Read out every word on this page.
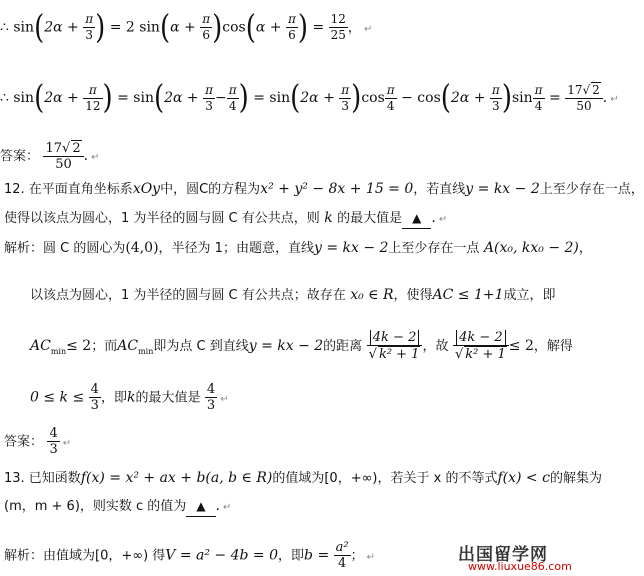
∴ $\sin(2\alpha + \frac{\pi}{3}$ ) = 2 $\sin(\alpha + \frac{\pi}{6} )\cos(\alpha + \frac{\pi}{6}$ ) = $\frac{12}{25}$ ， ↵
∴ $\sin(2\alpha + \frac{\pi}{12}$ ) = $\sin(2\alpha + \frac{\pi}{3} - \frac{\pi}{4}$ ) = $\sin(2\alpha + \frac{\pi}{3} )\cos \frac{\pi}{4} - \cos(2\alpha + \frac{\pi}{3} )\sin \frac{\pi}{4} = \frac{17√ 2}{50}$ . ↵
答案： $\frac{17√ 2}{50}$ . ↵
12. 在平面直角坐标系xOy中，圆C的方程为x² + y² − 8x + 15 = 0，若直线y = kx − 2上至少存在一点，
使得以该点为圆心，1 为半径的圆与圆 C 有公共点，则 k 的最大值是 ▲ . ↵
解析：圆 C 的圆心为(4,0)，半径为 1；由题意，直线y = kx − 2上至少存在一点 A(x₀, kx₀ − 2)，
以该点为圆心，1 为半径的圆与圆 C 有公共点；故存在 x₀ ∈ R，使得AC ≤ 1+1成立，即
$AC_{min}\le 2$；而$AC_{min}$即为点 C 到直线y = kx − 2的距离 $\frac{4k - 2}{\text{√ k² + 1}}$ ，故 $\frac{4k - 2}{\text{√ k² + 1}} \le 2$，解得
$0 \le k \le \frac{4}{3}$ ，即k的最大值是 $\frac{4}{3}$ ↵
答案： $\frac{4}{3}$ ↵
13. 已知函数f(x) = x² + ax + b(a, b ∈ R)的值域为[0，+∞)，若关于 x 的不等式f(x) < c的解集为
(m，m + 6)，则实数 c 的值为 ▲ . ↵
解析：由值域为[0，+∞) 得V = a² − 4b = 0，即$b = \frac{\text{a²}}{4}$ ； ↵	出国留学网
www.liuxue86.com
